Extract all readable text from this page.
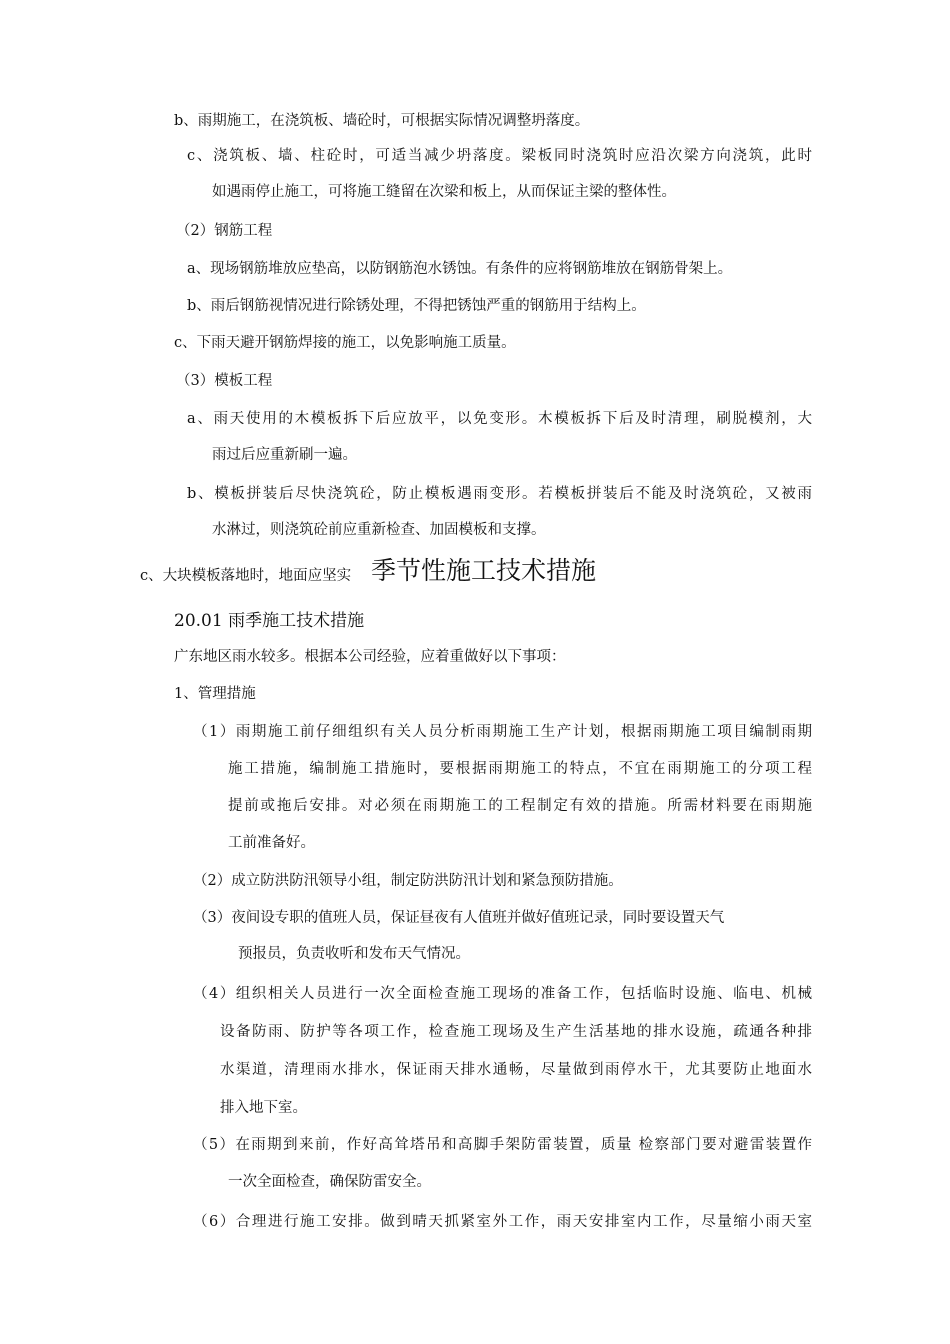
b、雨期施工，在浇筑板、墙砼时，可根据实际情况调整坍落度。
c、浇筑板、墙、柱砼时，可适当减少坍落度。梁板同时浇筑时应沿次梁方向浇筑，此时
如遇雨停止施工，可将施工缝留在次梁和板上，从而保证主梁的整体性。
（2）钢筋工程
a、现场钢筋堆放应垫高，以防钢筋泡水锈蚀。有条件的应将钢筋堆放在钢筋骨架上。
b、雨后钢筋视情况进行除锈处理，不得把锈蚀严重的钢筋用于结构上。
c、下雨天避开钢筋焊接的施工，以免影响施工质量。
（3）模板工程
a、雨天使用的木模板拆下后应放平，以免变形。木模板拆下后及时清理，刷脱模剂，大
雨过后应重新刷一遍。
b、模板拼装后尽快浇筑砼，防止模板遇雨变形。若模板拼装后不能及时浇筑砼，又被雨
水淋过，则浇筑砼前应重新检查、加固模板和支撑。
c、大块模板落地时，地面应坚实 季节性施工技术措施
20.01 雨季施工技术措施
广东地区雨水较多。根据本公司经验，应着重做好以下事项：
1、管理措施
（1）雨期施工前仔细组织有关人员分析雨期施工生产计划，根据雨期施工项目编制雨期
施工措施，编制施工措施时，要根据雨期施工的特点，不宜在雨期施工的分项工程
提前或拖后安排。对必须在雨期施工的工程制定有效的措施。所需材料要在雨期施
工前准备好。
（2）成立防洪防汛领导小组，制定防洪防汛计划和紧急预防措施。
（3）夜间设专职的值班人员，保证昼夜有人值班并做好值班记录，同时要设置天气
预报员，负责收听和发布天气情况。
（4）组织相关人员进行一次全面检查施工现场的准备工作，包括临时设施、临电、机械
设备防雨、防护等各项工作，检查施工现场及生产生活基地的排水设施，疏通各种排
水渠道，清理雨水排水，保证雨天排水通畅，尽量做到雨停水干，尤其要防止地面水
排入地下室。
（5）在雨期到来前，作好高耸塔吊和高脚手架防雷装置，质量 检察部门要对避雷装置作
一次全面检查，确保防雷安全。
（6）合理进行施工安排。做到晴天抓紧室外工作，雨天安排室内工作，尽量缩小雨天室
